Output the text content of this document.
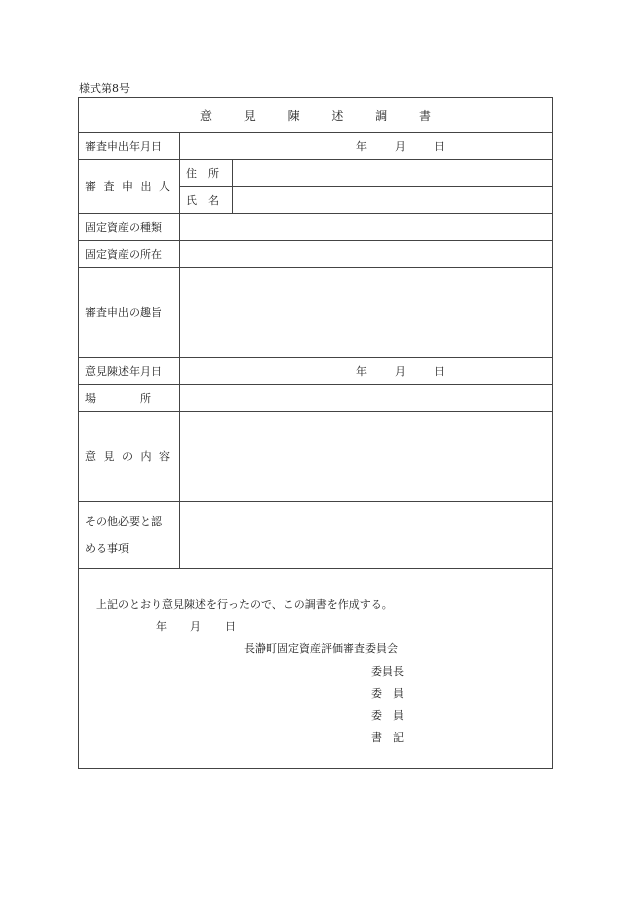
様式第8号
意 見 陳 述 調 書
審査申出年月日	年	月	日
審 査 申 出 人
住　所
氏　名
固定資産の種類
固定資産の所在
審査申出の趣旨
意見陳述年月日	年	月	日
場　　　　所
意 見 の 内 容
その他必要と認
める事項
上記のとおり意見陳述を行ったので、この調書を作成する。
年 月 日
長瀞町固定資産評価審査委員会
委員長
委　員
委　員
書　記
